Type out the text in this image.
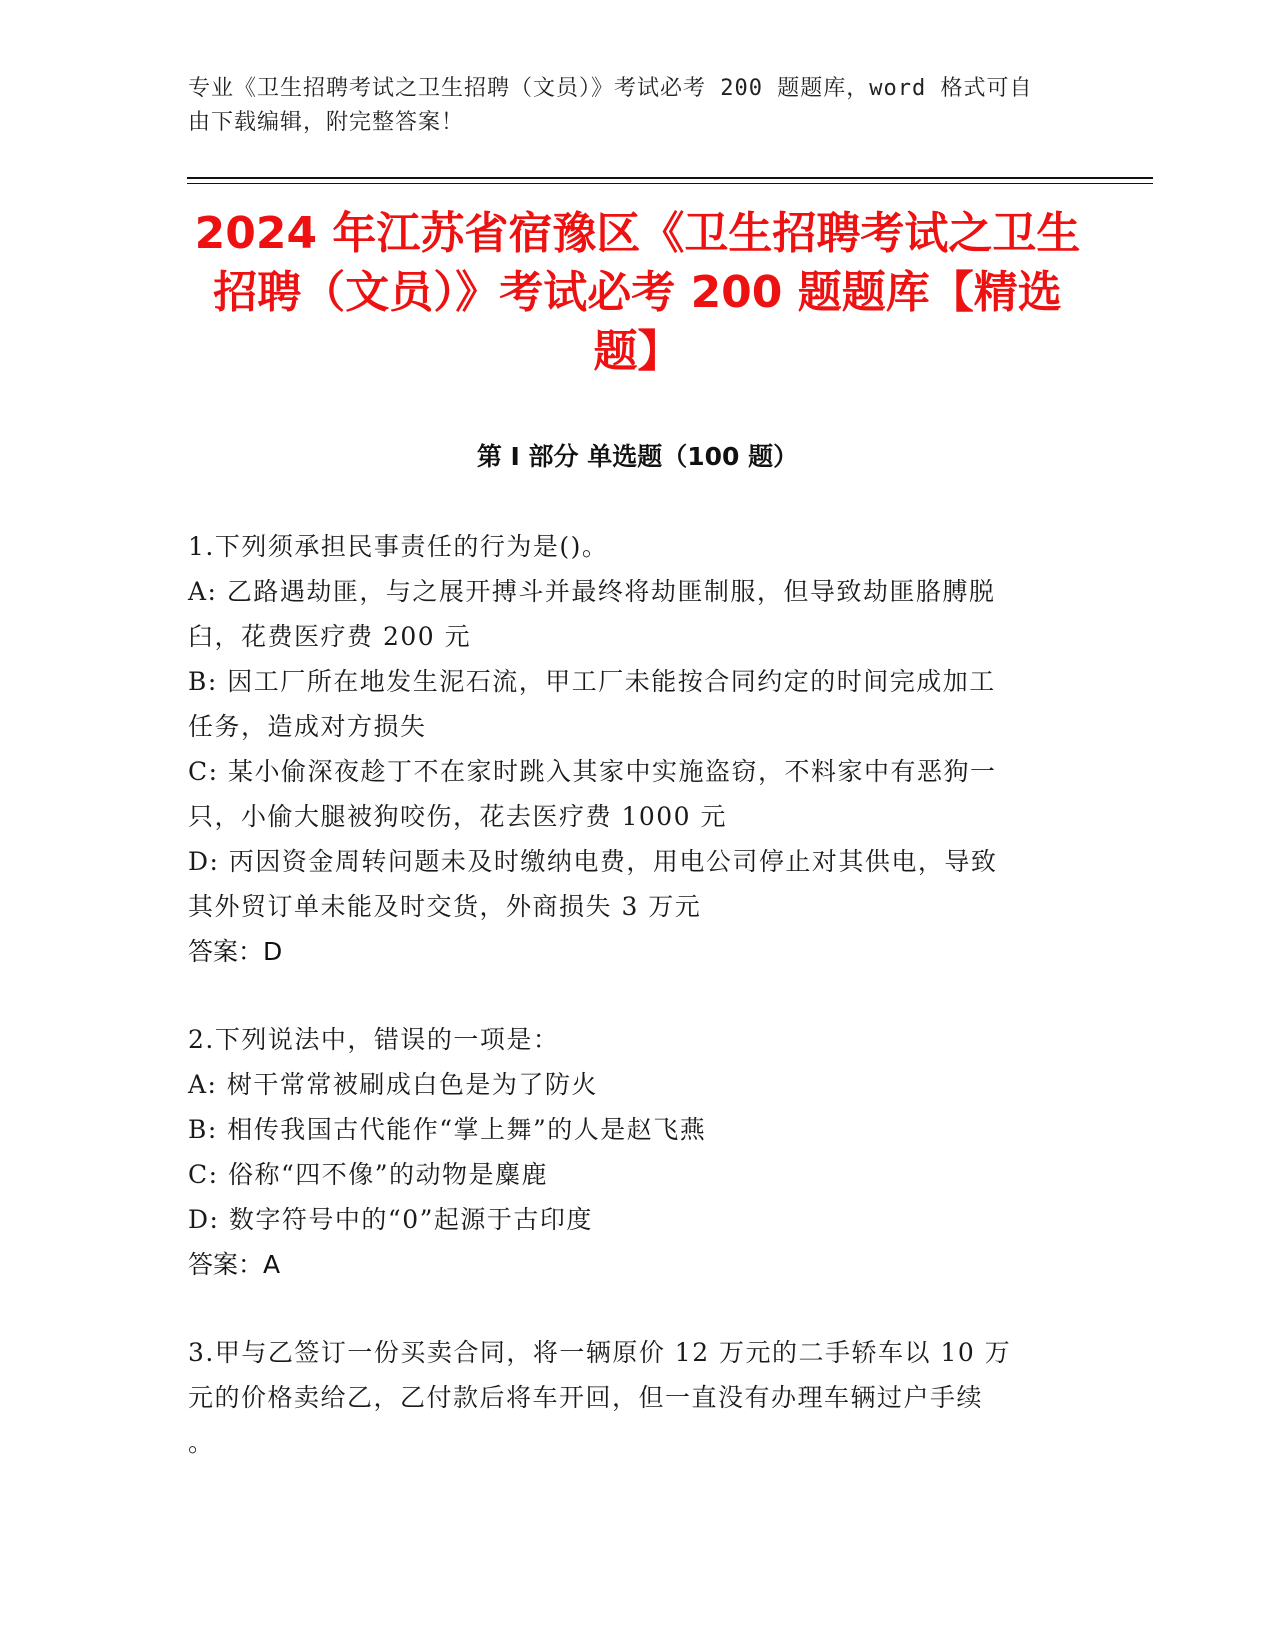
专业《卫生招聘考试之卫生招聘（文员）》考试必考 200 题题库，word 格式可自
由下载编辑，附完整答案！
2024 年江苏省宿豫区《卫生招聘考试之卫生
招聘（文员）》考试必考 200 题题库【精选
题】
第 I 部分 单选题（100 题）

1.下列须承担民事责任的行为是()。

A: 乙路遇劫匪，与之展开搏斗并最终将劫匪制服，但导致劫匪胳膊脱

臼，花费医疗费 200 元

B: 因工厂所在地发生泥石流，甲工厂未能按合同约定的时间完成加工

任务，造成对方损失

C: 某小偷深夜趁丁不在家时跳入其家中实施盗窃，不料家中有恶狗一

只，小偷大腿被狗咬伤，花去医疗费 1000 元

D: 丙因资金周转问题未及时缴纳电费，用电公司停止对其供电，导致

其外贸订单未能及时交货，外商损失 3 万元

答案：D

2.下列说法中，错误的一项是：

A: 树干常常被刷成白色是为了防火

B: 相传我国古代能作“掌上舞”的人是赵飞燕

C: 俗称“四不像”的动物是麋鹿

D: 数字符号中的“0”起源于古印度

答案：A

3.甲与乙签订一份买卖合同，将一辆原价 12 万元的二手轿车以 10 万

元的价格卖给乙，乙付款后将车开回，但一直没有办理车辆过户手续

。
